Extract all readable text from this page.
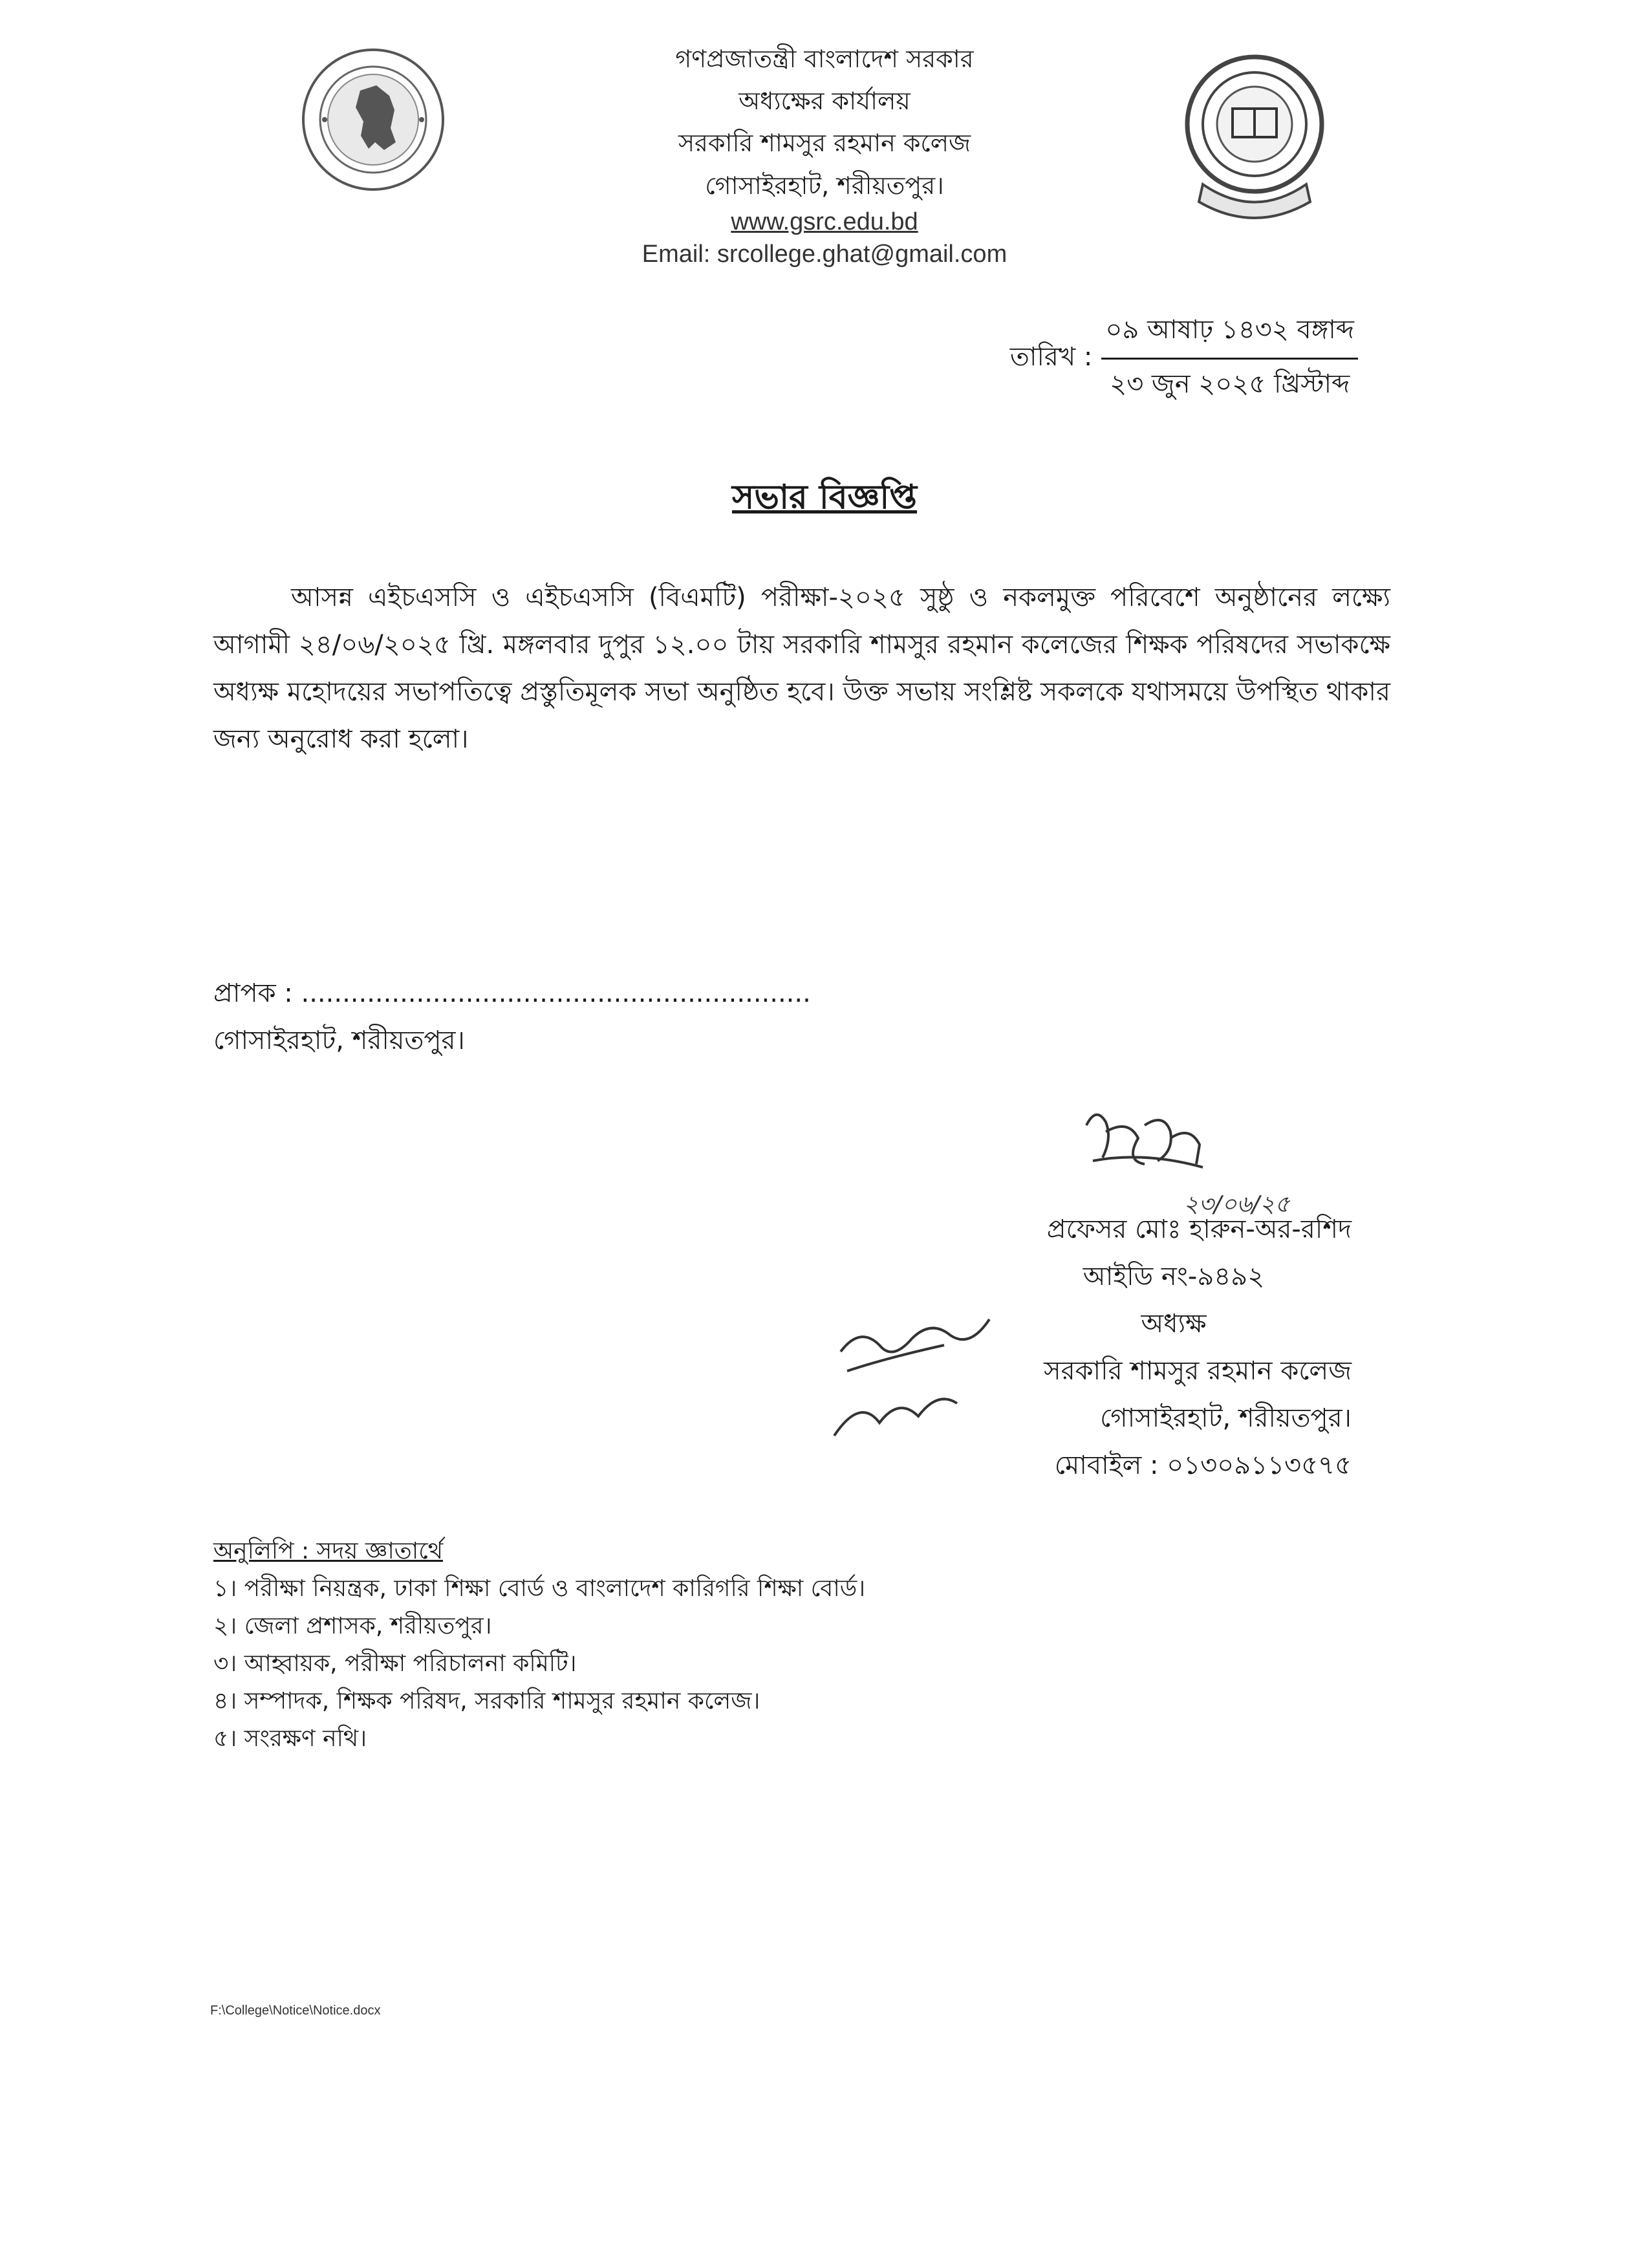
গণপ্রজাতন্ত্রী বাংলাদেশ সরকার
অধ্যক্ষের কার্যালয়
সরকারি শামসুর রহমান কলেজ
গোসাইরহাট, শরীয়তপুর।
www.gsrc.edu.bd
Email: srcollege.ghat@gmail.com
তারিখ : $\frac{\text{০৯ আষাঢ় ১৪৩২ বঙ্গাব্দ}}{\text{২৩ জুন ২০২৫ খ্রিস্টাব্দ}}$
সভার বিজ্ঞপ্তি
আসন্ন এইচএসসি ও এইচএসসি (বিএমটি) পরীক্ষা-২০২৫ সুষ্ঠু ও নকলমুক্ত পরিবেশে অনুষ্ঠানের লক্ষ্যে আগামী ২৪/০৬/২০২৫ খ্রি. মঙ্গলবার দুপুর ১২.০০ টায় সরকারি শামসুর রহমান কলেজের শিক্ষক পরিষদের সভাকক্ষে অধ্যক্ষ মহোদয়ের সভাপতিত্বে প্রস্তুতিমূলক সভা অনুষ্ঠিত হবে। উক্ত সভায় সংশ্লিষ্ট সকলকে যথাসময়ে উপস্থিত থাকার জন্য অনুরোধ করা হলো।
প্রাপক : ..............................................................
গোসাইরহাট, শরীয়তপুর।
২৩/০৬/২৫
প্রফেসর মোঃ হারুন-অর-রশিদ
আইডি নং-৯৪৯২
অধ্যক্ষ
সরকারি শামসুর রহমান কলেজ
গোসাইরহাট, শরীয়তপুর।
মোবাইল : ০১৩০৯১১৩৫৭৫
অনুলিপি : সদয় জ্ঞাতার্থে
১। পরীক্ষা নিয়ন্ত্রক, ঢাকা শিক্ষা বোর্ড ও বাংলাদেশ কারিগরি শিক্ষা বোর্ড।
২। জেলা প্রশাসক, শরীয়তপুর।
৩। আহ্বায়ক, পরীক্ষা পরিচালনা কমিটি।
৪। সম্পাদক, শিক্ষক পরিষদ, সরকারি শামসুর রহমান কলেজ।
৫। সংরক্ষণ নথি।
F:\College\Notice\Notice.docx
